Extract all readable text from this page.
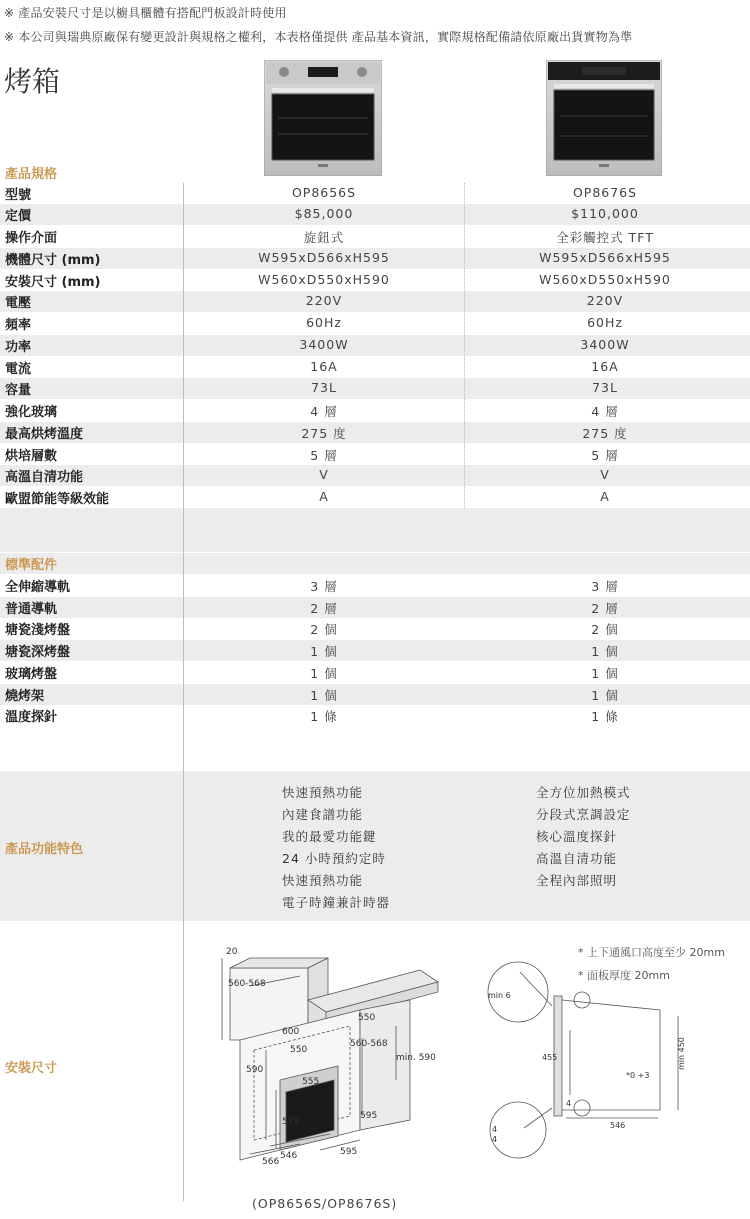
※ 產品安裝尺寸是以櫥具櫃體有搭配門板設計時使用
※ 本公司與瑞典原廠保有變更設計與規格之權利，本表格僅提供 產品基本資訊，實際規格配備請依原廠出貨實物為準
烤箱
產品規格
型號	OP8656S	OP8676S
定價	$85,000	$110,000
操作介面	旋鈕式	全彩觸控式 TFT
機體尺寸 (mm)	W595xD566xH595	W595xD566xH595
安裝尺寸 (mm)	W560xD550xH590	W560xD550xH590
電壓	220V	220V
頻率	60Hz	60Hz
功率	3400W	3400W
電流	16A	16A
容量	73L	73L
強化玻璃	4 層	4 層
最高烘烤溫度	275 度	275 度
烘培層數	5 層	5 層
高溫自清功能	V	V
歐盟節能等級效能	A	A
標準配件
全伸縮導軌	3 層	3 層
普通導軌	2 層	2 層
塘瓷淺烤盤	2 個	2 個
塘瓷深烤盤	1 個	1 個
玻璃烤盤	1 個	1 個
燒烤架	1 個	1 個
溫度探針	1 條	1 條
產品功能特色
快速預熱功能
內建食譜功能
我的最愛功能鍵
24 小時預約定時
快速預熱功能
電子時鐘兼計時器
全方位加熱模式
分段式烹調設定
核心溫度探針
高溫自清功能
全程內部照明
安裝尺寸
* 上下通風口高度至少 20mm
* 面板厚度 20mm
20
560-568
550
600
560-568
550
min. 590
590
555
579
595
546
566
595
min 6
455
*0 +3
min 450
4
546
4
4
(OP8656S/OP8676S)
